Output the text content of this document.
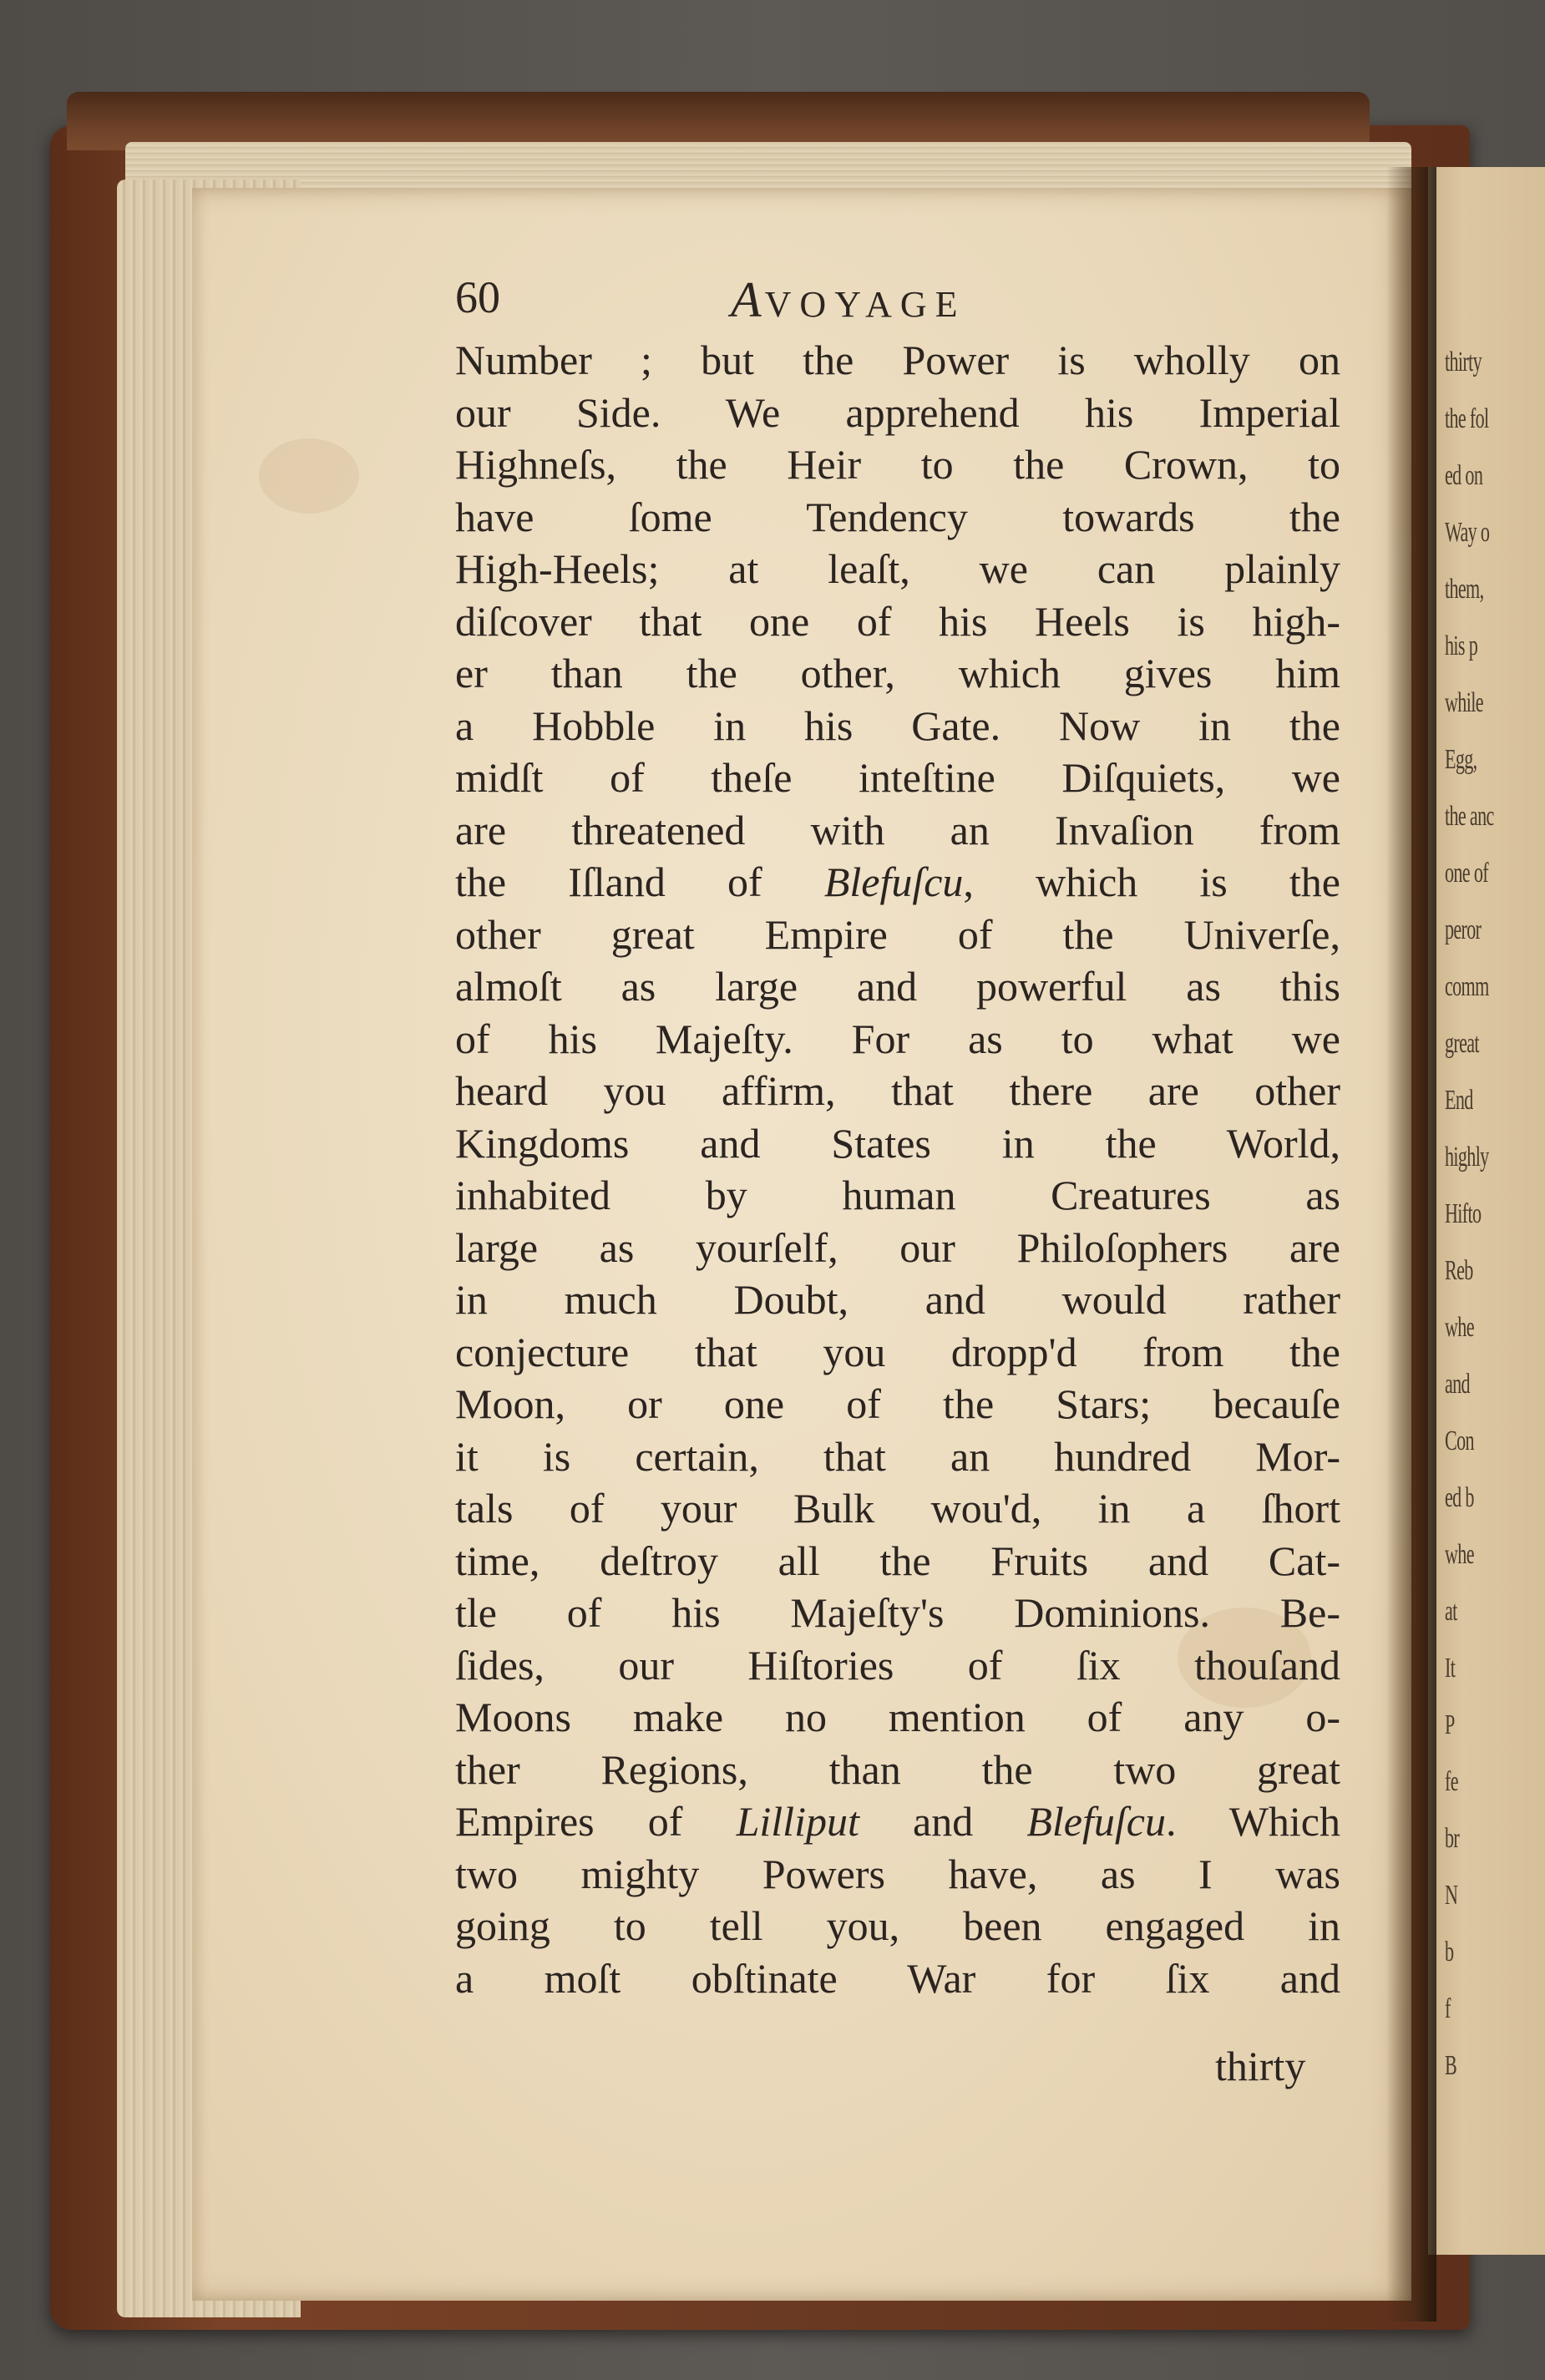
thirty
the fol
ed on
Way o
them,
his p
while
Egg,
the anc
one of
peror
comm
great
End
highly
Hifto
Reb
whe
and
Con
ed b
whe
at
It
P
fe
br
N
b
f
B
60	AVOYAGE
Number ; but the Power is wholly on
our Side. We apprehend his Imperial
Highneſs, the Heir to the Crown, to
have ſome Tendency towards the
High-Heels; at leaſt, we can plainly
diſcover that one of his Heels is high-
er than the other, which gives him
a Hobble in his Gate. Now in the
midſt of theſe inteſtine Diſquiets, we
are threatened with an Invaſion from
the Iſland of Blefuſcu, which is the
other great Empire of the Univerſe,
almoſt as large and powerful as this
of his Majeſty. For as to what we
heard you affirm, that there are other
Kingdoms and States in the World,
inhabited by human Creatures as
large as yourſelf, our Philoſophers are
in much Doubt, and would rather
conjecture that you dropp'd from the
Moon, or one of the Stars; becauſe
it is certain, that an hundred Mor-
tals of your Bulk wou'd, in a ſhort
time, deſtroy all the Fruits and Cat-
tle of his Majeſty's Dominions. Be-
ſides, our Hiſtories of ſix thouſand
Moons make no mention of any o-
ther Regions, than the two great
Empires of Lilliput and Blefuſcu. Which
two mighty Powers have, as I was
going to tell you, been engaged in
a moſt obſtinate War for ſix and
thirty
